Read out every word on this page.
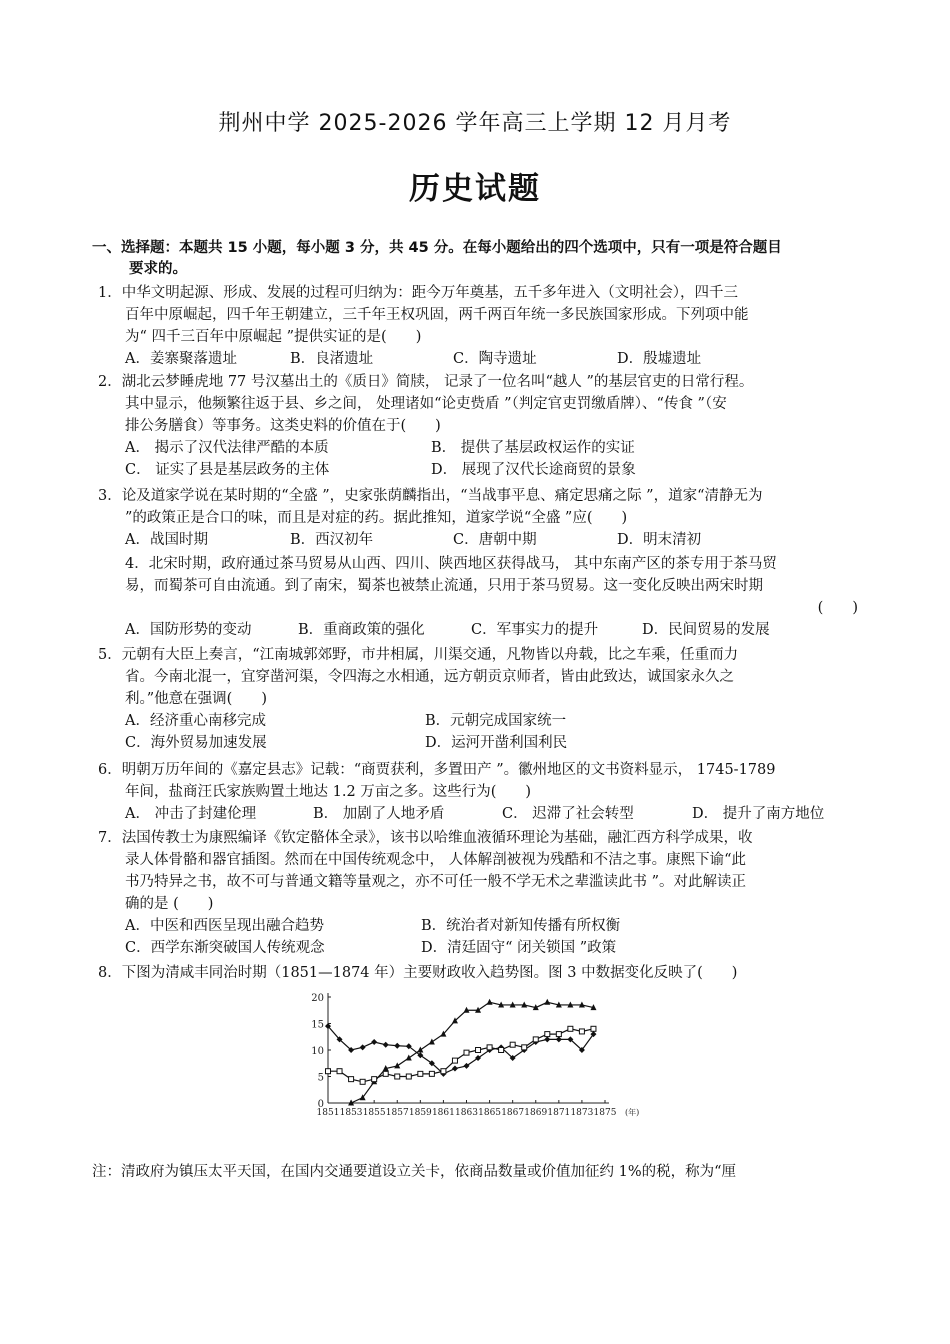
荆州中学 2025-2026 学年高三上学期 12 月月考
历史试题
一、选择题：本题共 15 小题，每小题 3 分，共 45 分。在每小题给出的四个选项中，只有一项是符合题目
要求的。
1．中华文明起源、形成、发展的过程可归纳为：距今万年奠基，五千多年进入（文明社会），四千三
百年中原崛起，四千年王朝建立，三千年王权巩固，两千两百年统一多民族国家形成。下列项中能
为“ 四千三百年中原崛起 ”提供实证的是(　　)
A．姜寨聚落遗址	B．良渚遗址	C．陶寺遗址	D．殷墟遗址
2．湖北云梦睡虎地 77 号汉墓出土的《质日》简牍， 记录了一位名叫“越人 ”的基层官吏的日常行程。
其中显示，他频繁往返于县、乡之间， 处理诸如“论吏赀盾 ”（判定官吏罚缴盾牌）、“传食 ”（安
排公务膳食）等事务。这类史料的价值在于(　　)
A． 揭示了汉代法律严酷的本质	B． 提供了基层政权运作的实证
C． 证实了县是基层政务的主体	D． 展现了汉代长途商贸的景象
3．论及道家学说在某时期的“全盛 ”，史家张荫麟指出，“当战事平息、痛定思痛之际 ”，道家“清静无为
”的政策正是合口的味，而且是对症的药。据此推知，道家学说“全盛 ”应(　　)
A．战国时期	B．西汉初年	C．唐朝中期	D．明末清初
4．北宋时期，政府通过茶马贸易从山西、四川、陕西地区获得战马， 其中东南产区的茶专用于茶马贸
易，而蜀茶可自由流通。到了南宋，蜀茶也被禁止流通，只用于茶马贸易。这一变化反映出两宋时期
(　　)
A．国防形势的变动	B．重商政策的强化	C．军事实力的提升	D．民间贸易的发展
5．元朝有大臣上奏言，“江南城郭郊野，市井相属，川渠交通，凡物皆以舟载，比之车乘，任重而力
省。今南北混一，宜穿凿河渠，令四海之水相通，远方朝贡京师者，皆由此致达，诚国家永久之
利。”他意在强调(　　)
A．经济重心南移完成	B．元朝完成国家统一
C．海外贸易加速发展	D．运河开凿利国利民
6．明朝万历年间的《嘉定县志》记载：“商贾获利，多置田产 ”。徽州地区的文书资料显示， 1745-1789
年间，盐商汪氏家族购置土地达 1.2 万亩之多。这些行为(　　)
A． 冲击了封建伦理	B． 加剧了人地矛盾	C． 迟滞了社会转型	D． 提升了南方地位
7．法国传教士为康熙编译《钦定骼体全录》，该书以哈维血液循环理论为基础，融汇西方科学成果，收
录人体骨骼和器官插图。然而在中国传统观念中， 人体解剖被视为残酷和不洁之事。康熙下谕“此
书乃特异之书，故不可与普通文籍等量观之，亦不可任一般不学无术之辈滥读此书 ”。对此解读正
确的是 (　　)
A．中医和西医呈现出融合趋势	B．统治者对新知传播有所权衡
C．西学东渐突破国人传统观念	D．清廷固守“ 闭关锁国 ”政策
8．下图为清咸丰同治时期（1851—1874 年）主要财政收入趋势图。图 3 中数据变化反映了(　　)
0
5
10
15
20
1851 1853 1855 1857 1859 1861 1863 1865 1867 1869 1871 1873 1875 (年)
注：清政府为镇压太平天国，在国内交通要道设立关卡，依商品数量或价值加征约 1%的税，称为“厘
